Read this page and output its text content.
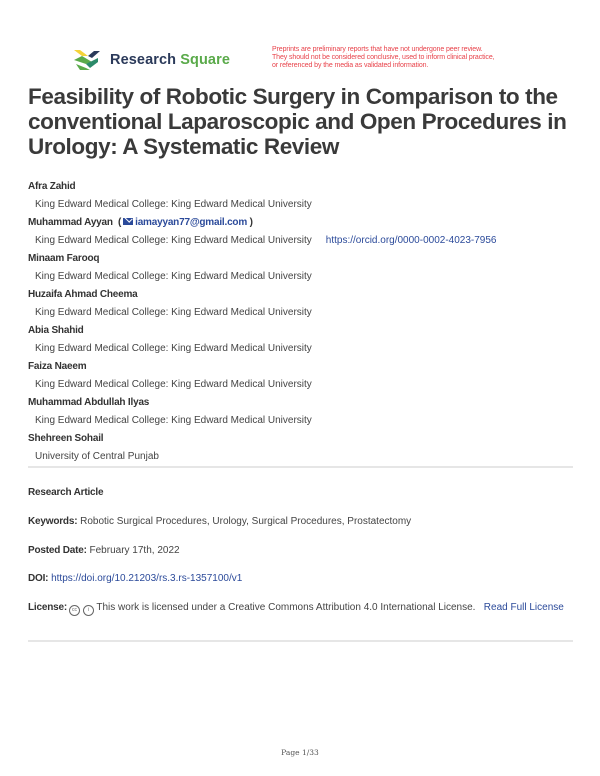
Research Square
Preprints are preliminary reports that have not undergone peer review.
They should not be considered conclusive, used to inform clinical practice,
or referenced by the media as validated information.
Feasibility of Robotic Surgery in Comparison to the conventional Laparoscopic and Open Procedures in Urology: A Systematic Review
Afra Zahid
King Edward Medical College: King Edward Medical University
Muhammad Ayyan  ( iamayyan77@gmail.com )
King Edward Medical College: King Edward Medical University https://orcid.org/0000-0002-4023-7956
Minaam Farooq
King Edward Medical College: King Edward Medical University
Huzaifa Ahmad Cheema
King Edward Medical College: King Edward Medical University
Abia Shahid
King Edward Medical College: King Edward Medical University
Faiza Naeem
King Edward Medical College: King Edward Medical University
Muhammad Abdullah Ilyas
King Edward Medical College: King Edward Medical University
Shehreen Sohail
University of Central Punjab
Research Article
Keywords: Robotic Surgical Procedures, Urology, Surgical Procedures, Prostatectomy
Posted Date: February 17th, 2022
DOI: https://doi.org/10.21203/rs.3.rs-1357100/v1
License: cc i This work is licensed under a Creative Commons Attribution 4.0 International License. Read Full License
Page 1/33
